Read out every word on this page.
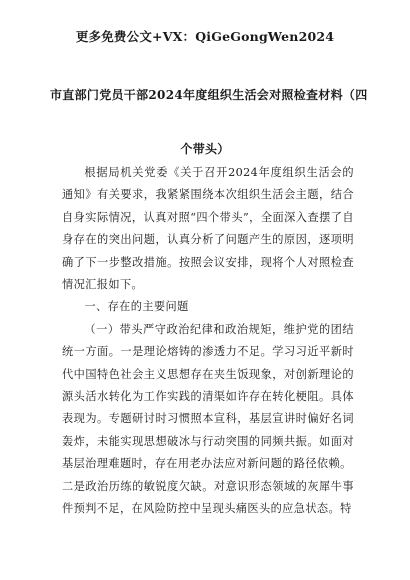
更多免费公文+VX：QiGeGongWen2024
市直部门党员干部2024年度组织生活会对照检查材料（四
个带头）

根据局机关党委《关于召开2024年度组织生活会的通知》有关要求，我紧紧围绕本次组织生活会主题，结合自身实际情况，认真对照“四个带头”，全面深入查摆了自身存在的突出问题，认真分析了问题产生的原因，逐项明确了下一步整改措施。按照会议安排，现将个人对照检查情况汇报如下。

一、存在的主要问题

（一）带头严守政治纪律和政治规矩，维护党的团结统一方面。一是理论熔铸的渗透力不足。学习习近平新时代中国特色社会主义思想存在夹生饭现象，对创新理论的源头活水转化为工作实践的清渠如许存在转化梗阻。具体表现为。专题研讨时习惯照本宣科，基层宣讲时偏好名词轰炸，未能实现思想破冰与行动突围的同频共振。如面对基层治理难题时，存在用老办法应对新问题的路径依赖。

二是政治历练的敏锐度欠缺。对意识形态领域的灰犀牛事件预判不足，在风险防控中呈现头痛医头的应急状态。特
